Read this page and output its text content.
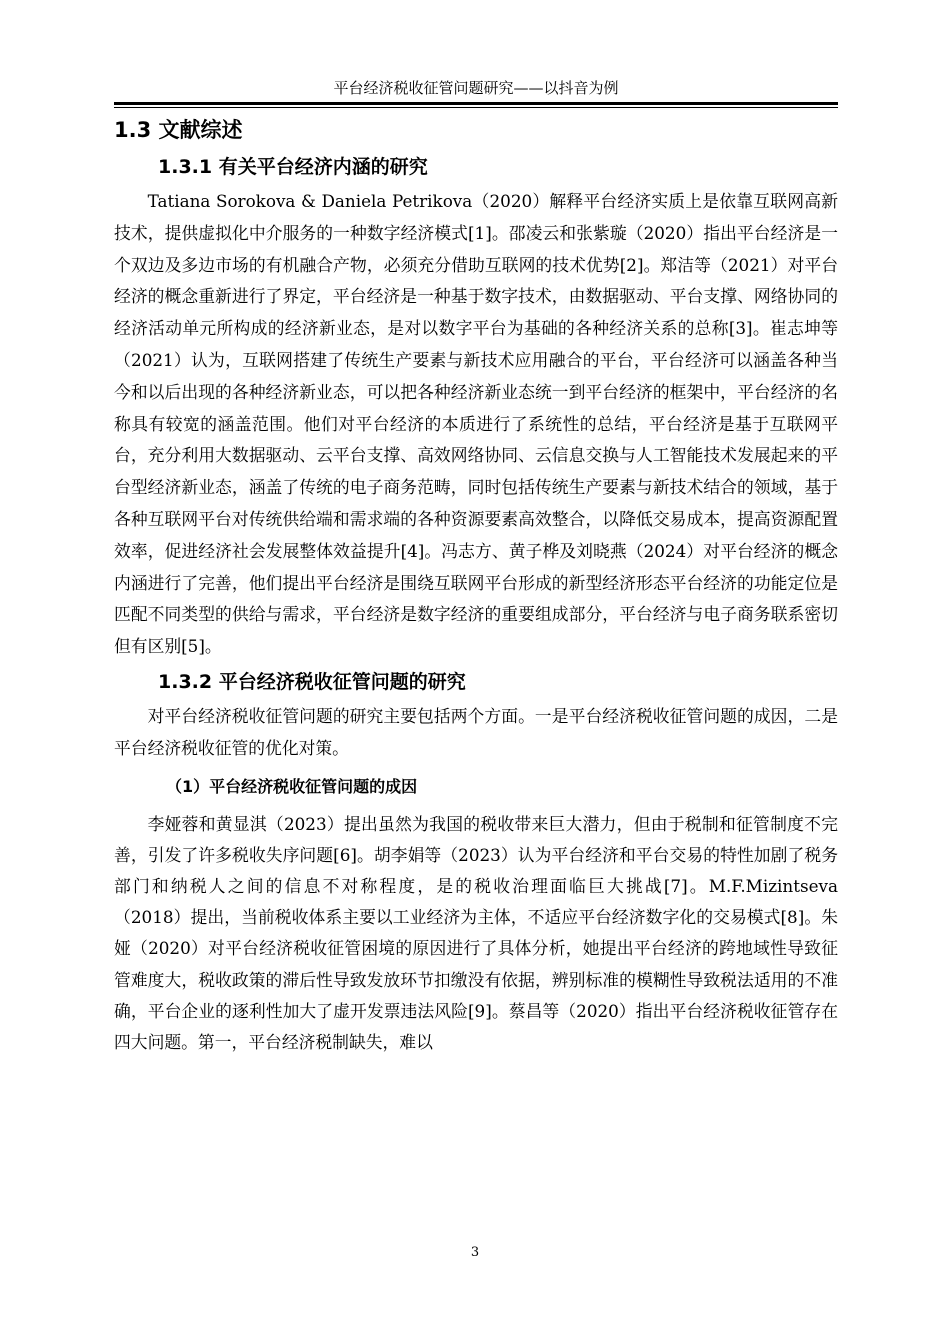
平台经济税收征管问题研究——以抖音为例
1.3 文献综述
1.3.1 有关平台经济内涵的研究

Tatiana Sorokova & Daniela Petrikova（2020）解释平台经济实质上是依靠互联网高新技术，提供虚拟化中介服务的一种数字经济模式[1]。邵凌云和张紫璇（2020）指出平台经济是一个双边及多边市场的有机融合产物，必须充分借助互联网的技术优势[2]。郑洁等（2021）对平台经济的概念重新进行了界定，平台经济是一种基于数字技术，由数据驱动、平台支撑、网络协同的经济活动单元所构成的经济新业态，是对以数字平台为基础的各种经济关系的总称[3]。崔志坤等（2021）认为，互联网搭建了传统生产要素与新技术应用融合的平台，平台经济可以涵盖各种当今和以后出现的各种经济新业态，可以把各种经济新业态统一到平台经济的框架中，平台经济的名称具有较宽的涵盖范围。他们对平台经济的本质进行了系统性的总结，平台经济是基于互联网平台，充分利用大数据驱动、云平台支撑、高效网络协同、云信息交换与人工智能技术发展起来的平台型经济新业态，涵盖了传统的电子商务范畴，同时包括传统生产要素与新技术结合的领域，基于各种互联网平台对传统供给端和需求端的各种资源要素高效整合，以降低交易成本，提高资源配置效率，促进经济社会发展整体效益提升[4]。冯志方、黄子桦及刘晓燕（2024）对平台经济的概念内涵进行了完善，他们提出平台经济是围绕互联网平台形成的新型经济形态平台经济的功能定位是匹配不同类型的供给与需求，平台经济是数字经济的重要组成部分，平台经济与电子商务联系密切但有区别[5]。

1.3.2 平台经济税收征管问题的研究

对平台经济税收征管问题的研究主要包括两个方面。一是平台经济税收征管问题的成因，二是平台经济税收征管的优化对策。

（1）平台经济税收征管问题的成因

李娅蓉和黄显淇（2023）提出虽然为我国的税收带来巨大潜力，但由于税制和征管制度不完善，引发了许多税收失序问题[6]。胡李娟等（2023）认为平台经济和平台交易的特性加剧了税务部门和纳税人之间的信息不对称程度，是的税收治理面临巨大挑战[7]。M.F.Mizintseva（2018）提出，当前税收体系主要以工业经济为主体，不适应平台经济数字化的交易模式[8]。朱娅（2020）对平台经济税收征管困境的原因进行了具体分析，她提出平台经济的跨地域性导致征管难度大，税收政策的滞后性导致发放环节扣缴没有依据，辨别标准的模糊性导致税法适用的不准确，平台企业的逐利性加大了虚开发票违法风险[9]。蔡昌等（2020）指出平台经济税收征管存在四大问题。第一，平台经济税制缺失，难以

3
